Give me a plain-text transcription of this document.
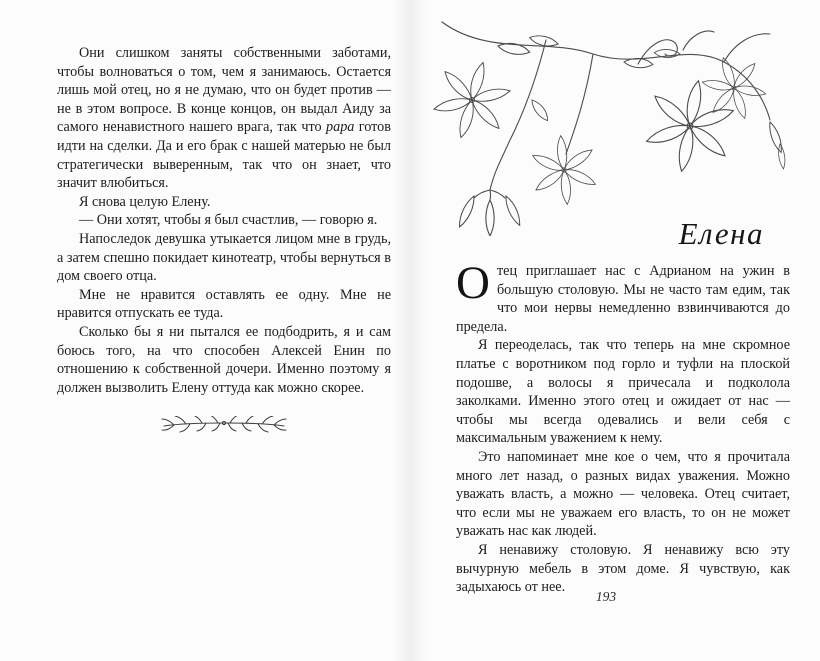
Они слишком заняты собственными заботами, чтобы волноваться о том, чем я занимаюсь. Остается лишь мой отец, но я не думаю, что он будет против — не в этом вопросе. В конце концов, он выдал Аиду за самого ненавистного нашего врага, так что papa готов идти на сделки. Да и его брак с нашей матерью не был стратегически выверенным, так что он знает, что значит влюбиться.

Я снова целую Елену.

— Они хотят, чтобы я был счастлив, — говорю я.

Напоследок девушка утыкается лицом мне в грудь, а затем спешно покидает кинотеатр, чтобы вернуться в дом своего отца.

Мне не нравится оставлять ее одну. Мне не нравится отпускать ее туда.

Сколько бы я ни пытался ее подбодрить, я и сам боюсь того, на что способен Алексей Енин по отношению к собственной дочери. Именно поэтому я должен вызволить Елену оттуда как можно скорее.

Елена

Отец приглашает нас с Адрианом на ужин в большую столовую. Мы не часто там едим, так что мои нервы немедленно взвинчиваются до предела.

Я переоделась, так что теперь на мне скромное платье с воротником под горло и туфли на плоской подошве, а волосы я причесала и подколола заколками. Именно этого отец и ожидает от нас — чтобы мы всегда одевались и вели себя с максимальным уважением к нему.

Это напоминает мне кое о чем, что я прочитала много лет назад, о разных видах уважения. Можно уважать власть, а можно — человека. Отец считает, что если мы не уважаем его власть, то он не может уважать нас как людей.

Я ненавижу столовую. Я ненавижу всю эту вычурную мебель в этом доме. Я чувствую, как задыхаюсь от нее.

193
